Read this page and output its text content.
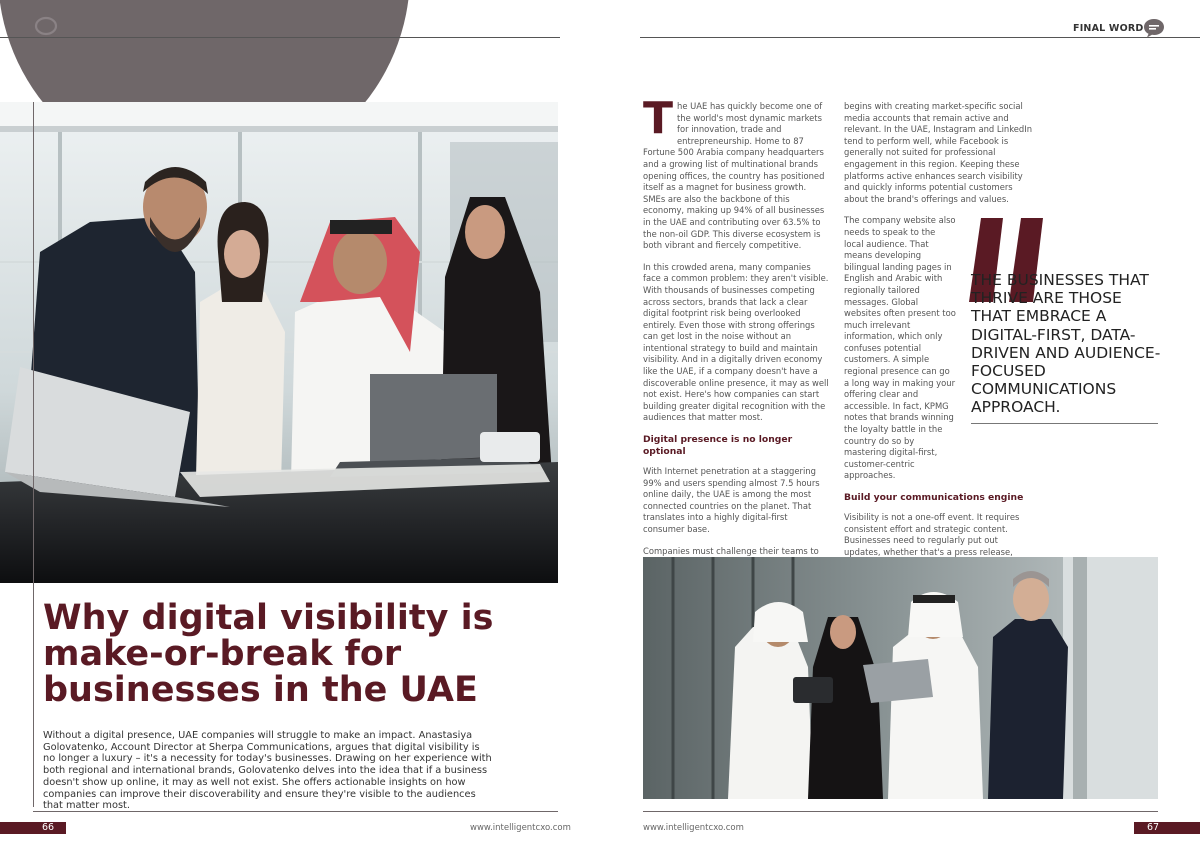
FINAL WORD
Why digital visibility is make-or-break for businesses in the UAE

Without a digital presence, UAE companies will struggle to make an impact. Anastasiya Golovatenko, Account Director at Sherpa Communications, argues that digital visibility is no longer a luxury – it's a necessity for today's businesses. Drawing on her experience with both regional and international brands, Golovatenko delves into the idea that if a business doesn't show up online, it may as well not exist. She offers actionable insights on how companies can improve their discoverability and ensure they're visible to the audiences that matter most.

The UAE has quickly become one of the world's most dynamic markets for innovation, trade and entrepreneurship. Home to 87 Fortune 500 Arabia company headquarters and a growing list of multinational brands opening offices, the country has positioned itself as a magnet for business growth. SMEs are also the backbone of this economy, making up 94% of all businesses in the UAE and contributing over 63.5% to the non-oil GDP. This diverse ecosystem is both vibrant and fiercely competitive.

In this crowded arena, many companies face a common problem: they aren't visible. With thousands of businesses competing across sectors, brands that lack a clear digital footprint risk being overlooked entirely. Even those with strong offerings can get lost in the noise without an intentional strategy to build and maintain visibility. And in a digitally driven economy like the UAE, if a company doesn't have a discoverable online presence, it may as well not exist. Here's how companies can start building greater digital recognition with the audiences that matter most.

Digital presence is no longer optional

With Internet penetration at a staggering 99% and users spending almost 7.5 hours online daily, the UAE is among the most connected countries on the planet. That translates into a highly digital-first consumer base.

Companies must challenge their teams to

begins with creating market-specific social media accounts that remain active and relevant. In the UAE, Instagram and LinkedIn tend to perform well, while Facebook is generally not suited for professional engagement in this region. Keeping these platforms active enhances search visibility and quickly informs potential customers about the brand's offerings and values.

The company website also needs to speak to the local audience. That means developing bilingual landing pages in English and Arabic with regionally tailored messages. Global websites often present too much irrelevant information, which only confuses potential customers. A simple regional presence can go a long way in making your offering clear and accessible. In fact, KPMG notes that brands winning the loyalty battle in the country do so by mastering digital-first, customer-centric approaches.

Build your communications engine

Visibility is not a one-off event. It requires consistent effort and strategic content. Businesses need to regularly put out updates, whether that's a press release,

THE BUSINESSES THAT THRIVE ARE THOSE THAT EMBRACE A DIGITAL-FIRST, DATA-DRIVEN AND AUDIENCE-FOCUSED COMMUNICATIONS APPROACH.

66	www.intelligentcxo.com	www.intelligentcxo.com	67
